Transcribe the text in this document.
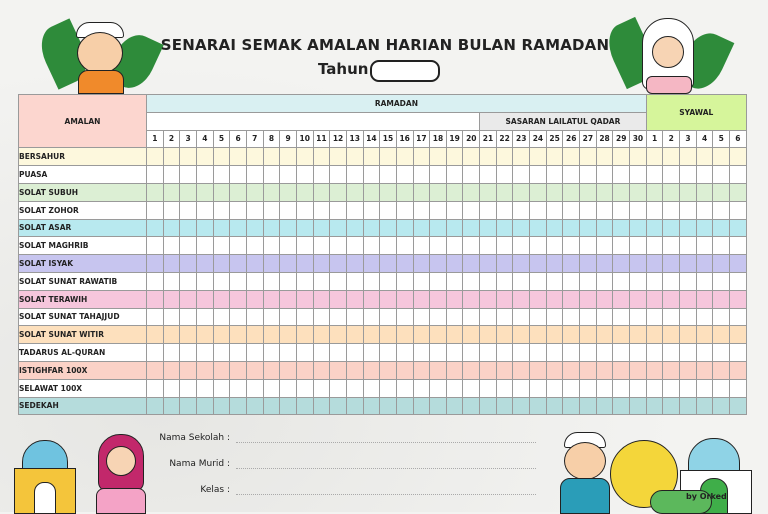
SENARAI SEMAK AMALAN HARIAN BULAN RAMADAN
Tahun
AMALAN	RAMADAN																														SYAWAL					
																					SASARAN LAILATUL QADAR															
	1	2	3	4	5	6	7	8	9	10	11	12	13	14	15	16	17	18	19	20	21	22	23	24	25	26	27	28	29	30	1	2	3	4	5	6
BERSAHUR																																				
PUASA																																				
SOLAT SUBUH																																				
SOLAT ZOHOR																																				
SOLAT ASAR																																				
SOLAT MAGHRIB																																				
SOLAT ISYAK																																				
SOLAT SUNAT RAWATIB																																				
SOLAT TERAWIH																																				
SOLAT SUNAT TAHAJJUD																																				
SOLAT SUNAT WITIR																																				
TADARUS AL-QURAN																																				
ISTIGHFAR 100X																																				
SELAWAT 100X																																				
SEDEKAH																																				
Nama Sekolah :
Nama Murid :
Kelas :
by Orked
